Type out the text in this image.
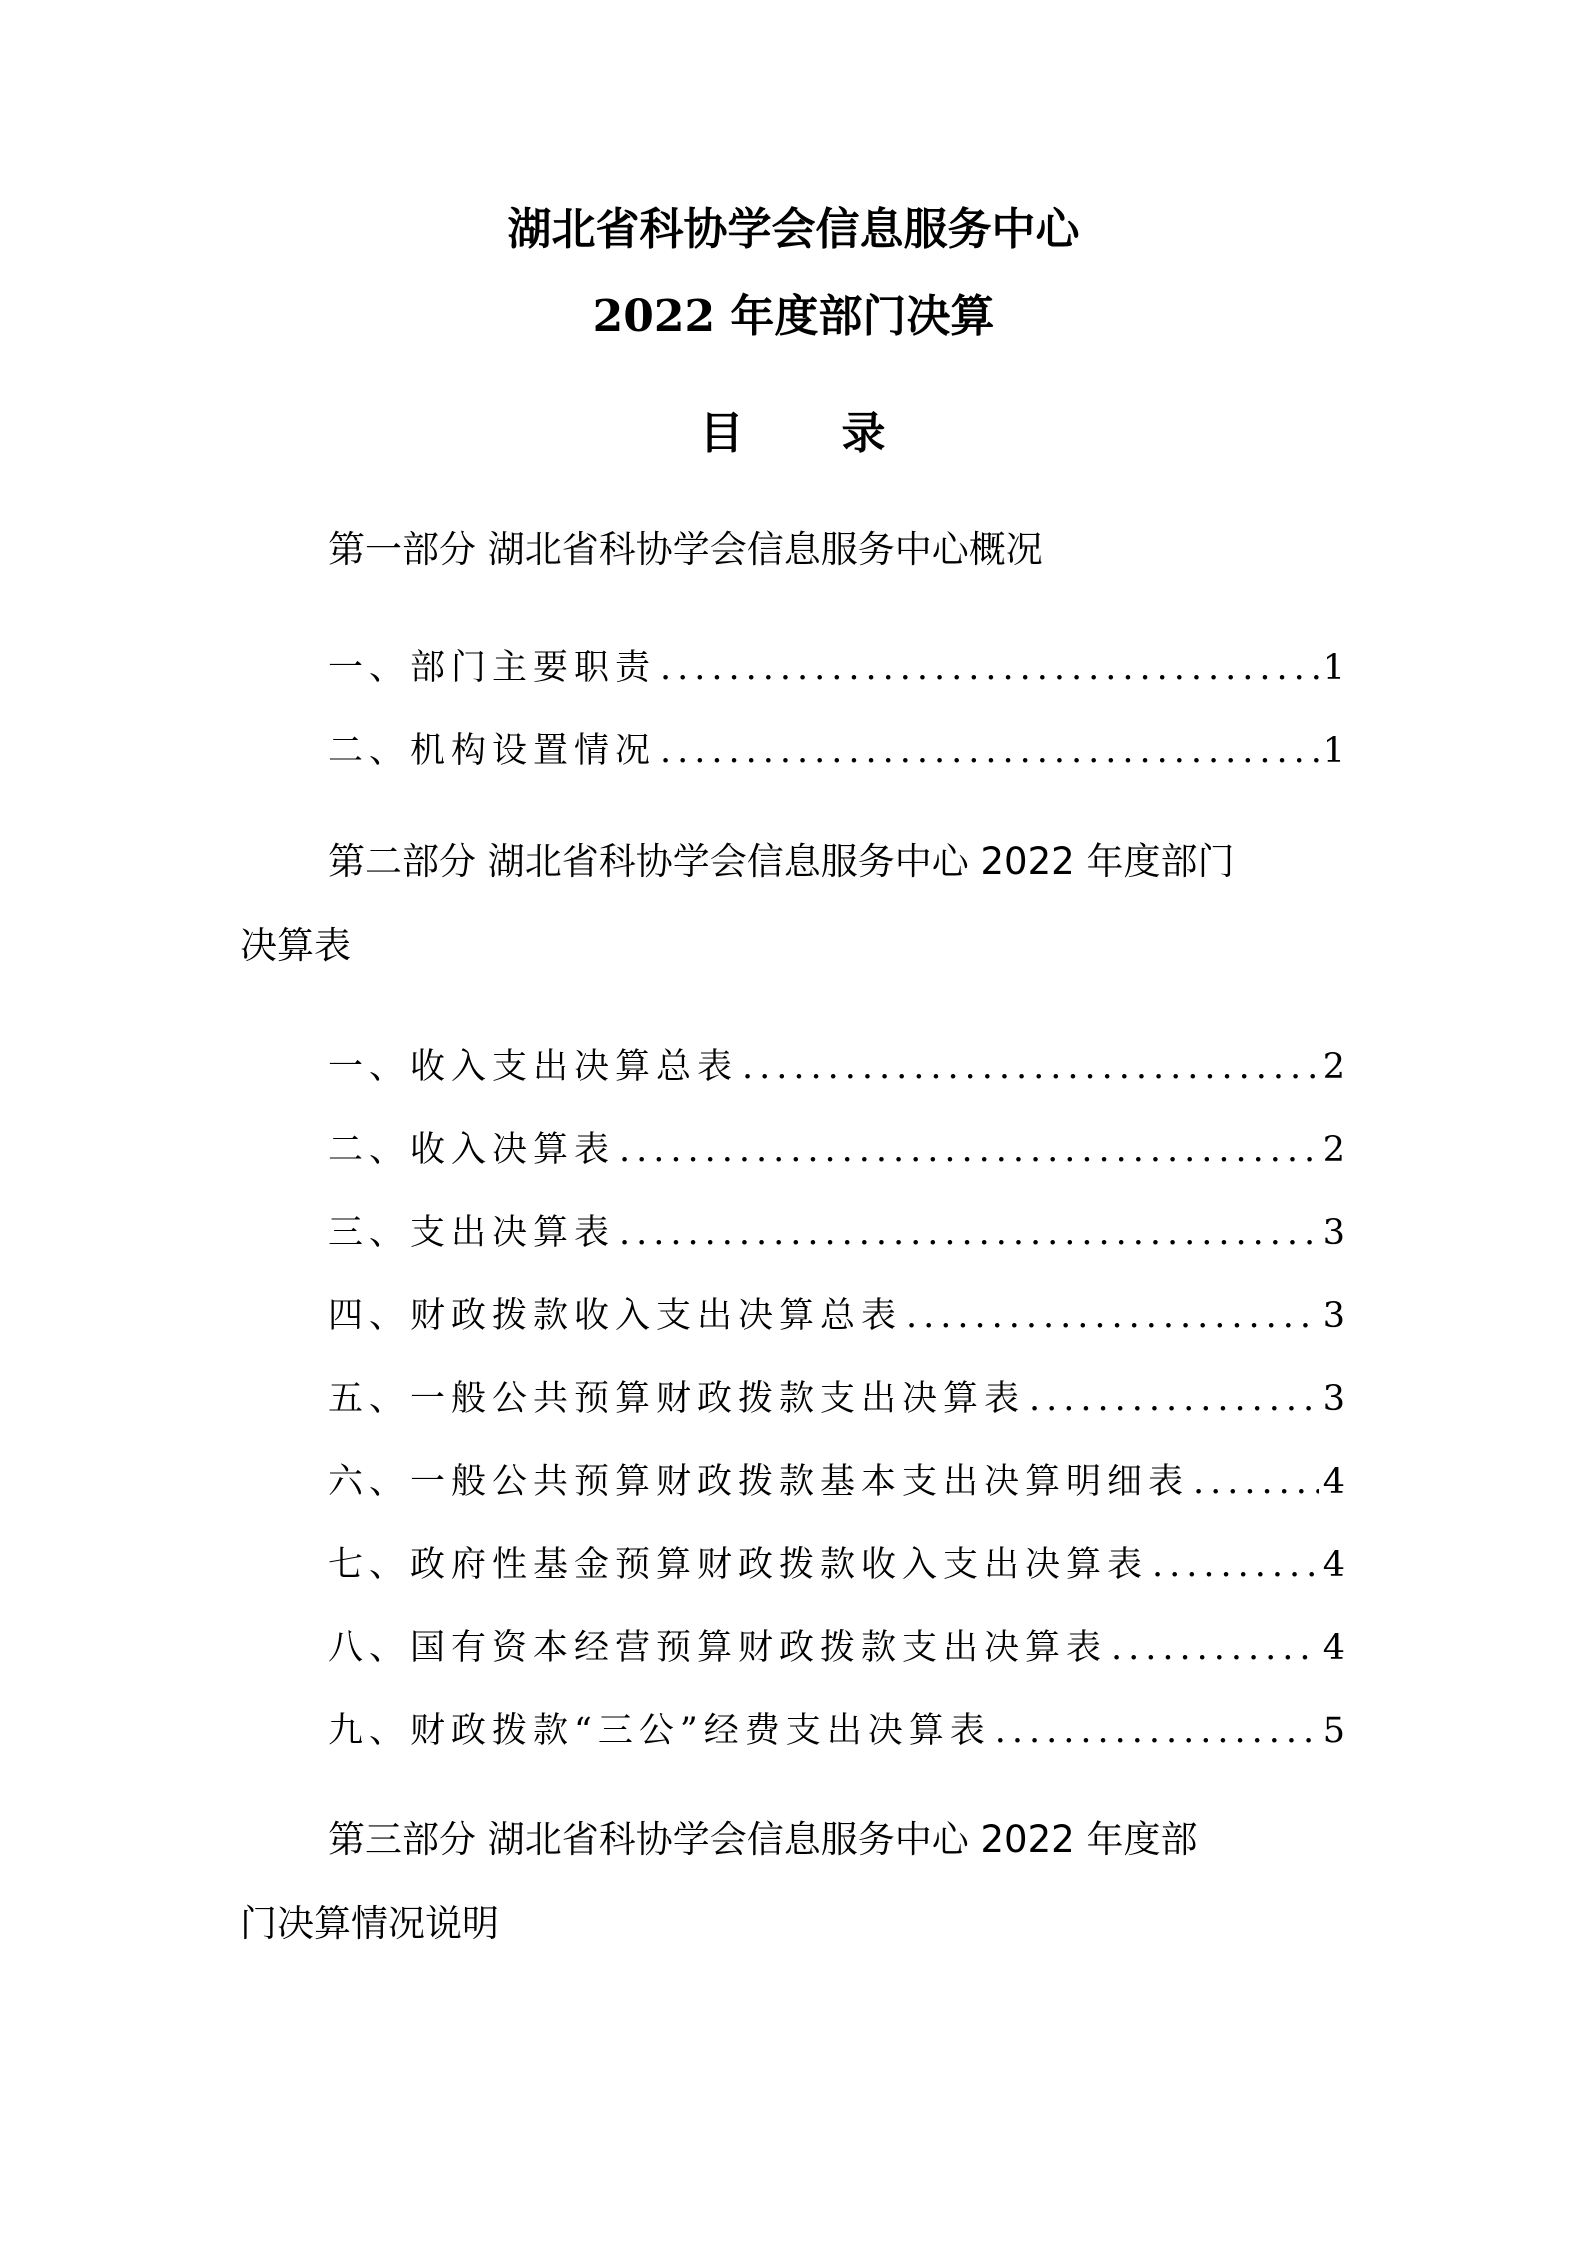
湖北省科协学会信息服务中心
2022 年度部门决算
目 录
第一部分 湖北省科协学会信息服务中心概况
一、部门主要职责 .....	1
二、机构设置情况 .....	1
第二部分 湖北省科协学会信息服务中心 2022 年度部门
决算表
一、收入支出决算总表 .....	2
二、收入决算表 .....	2
三、支出决算表 .....	3
四、财政拨款收入支出决算总表 .....	3
五、一般公共预算财政拨款支出决算表 .....	3
六、一般公共预算财政拨款基本支出决算明细表 .....	4
七、政府性基金预算财政拨款收入支出决算表 .....	4
八、国有资本经营预算财政拨款支出决算表 .....	4
九、财政拨款“三公”经费支出决算表 .....	5
第三部分 湖北省科协学会信息服务中心 2022 年度部
门决算情况说明
